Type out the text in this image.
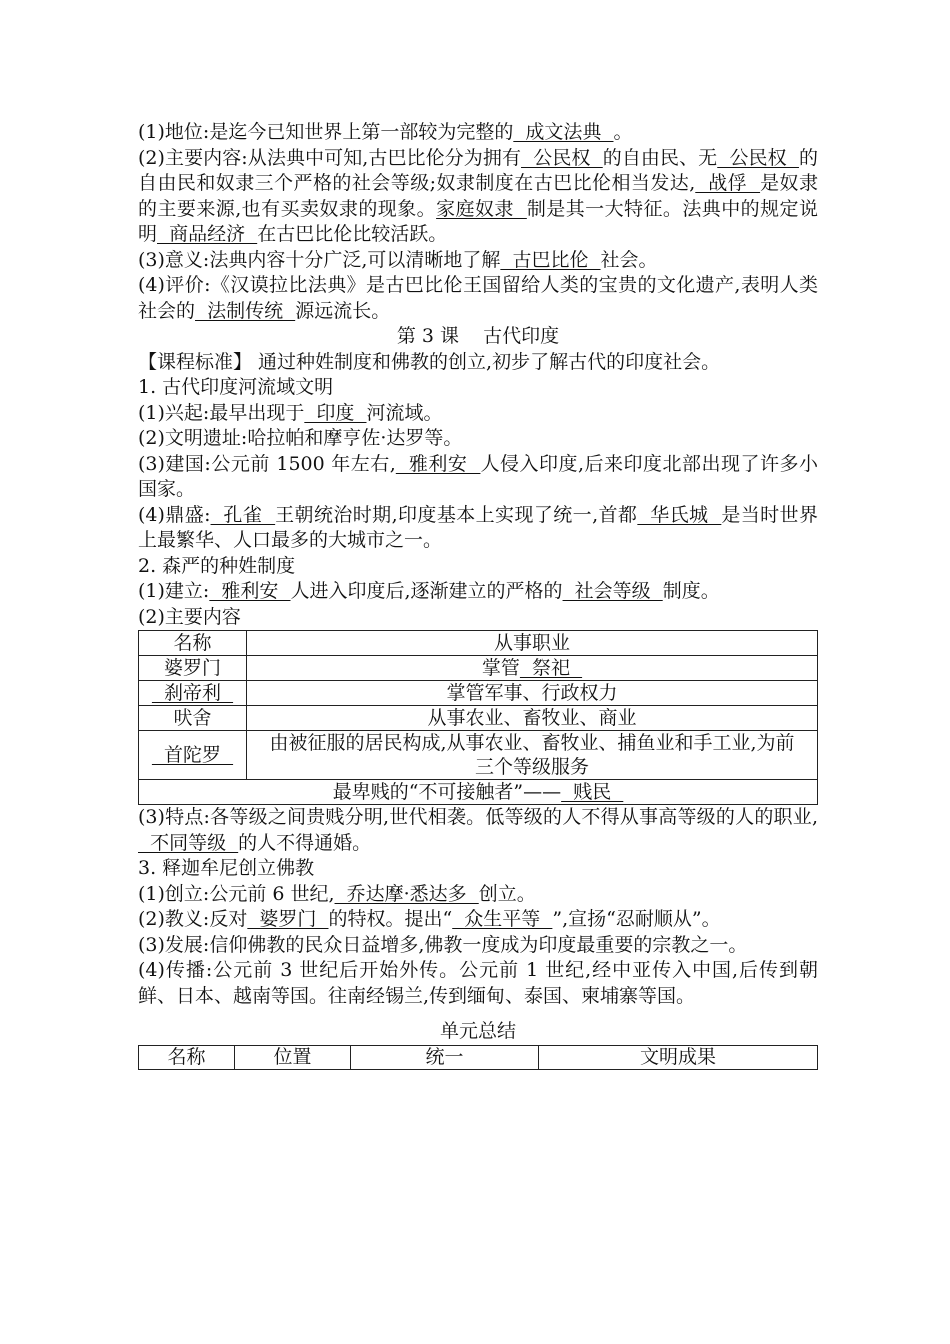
(1)地位:是迄今已知世界上第一部较为完整的  成文法典  。

(2)主要内容:从法典中可知,古巴比伦分为拥有  公民权  的自由民、无  公民权  的自由民和奴隶三个严格的社会等级;奴隶制度在古巴比伦相当发达,  战俘  是奴隶的主要来源,也有买卖奴隶的现象。家庭奴隶  制是其一大特征。法典中的规定说明  商品经济  在古巴比伦比较活跃。

(3)意义:法典内容十分广泛,可以清晰地了解  古巴比伦  社会。

(4)评价:《汉谟拉比法典》是古巴比伦王国留给人类的宝贵的文化遗产,表明人类社会的  法制传统  源远流长。

第 3 课    古代印度

【课程标准】 通过种姓制度和佛教的创立,初步了解古代的印度社会。

1. 古代印度河流域文明

(1)兴起:最早出现于  印度  河流域。

(2)文明遗址:哈拉帕和摩亨佐·达罗等。

(3)建国:公元前 1500 年左右,  雅利安  人侵入印度,后来印度北部出现了许多小国家。

(4)鼎盛:  孔雀  王朝统治时期,印度基本上实现了统一,首都  华氏城  是当时世界上最繁华、人口最多的大城市之一。

2. 森严的种姓制度

(1)建立:  雅利安  人进入印度后,逐渐建立的严格的  社会等级  制度。

(2)主要内容

名称	从事职业
婆罗门	掌管  祭祀
刹帝利	掌管军事、行政权力
吠舍	从事农业、畜牧业、商业
首陀罗	由被征服的居民构成,从事农业、畜牧业、捕鱼业和手工业,为前三个等级服务
最卑贱的“不可接触者”——  贱民	

(3)特点:各等级之间贵贱分明,世代相袭。低等级的人不得从事高等级的人的职业,  不同等级  的人不得通婚。

3. 释迦牟尼创立佛教

(1)创立:公元前 6 世纪,  乔达摩·悉达多  创立。

(2)教义:反对  婆罗门  的特权。提出“  众生平等  ”,宣扬“忍耐顺从”。

(3)发展:信仰佛教的民众日益增多,佛教一度成为印度最重要的宗教之一。

(4)传播:公元前 3 世纪后开始外传。公元前 1 世纪,经中亚传入中国,后传到朝鲜、日本、越南等国。往南经锡兰,传到缅甸、泰国、柬埔寨等国。

单元总结

名称	位置	统一	文明成果
